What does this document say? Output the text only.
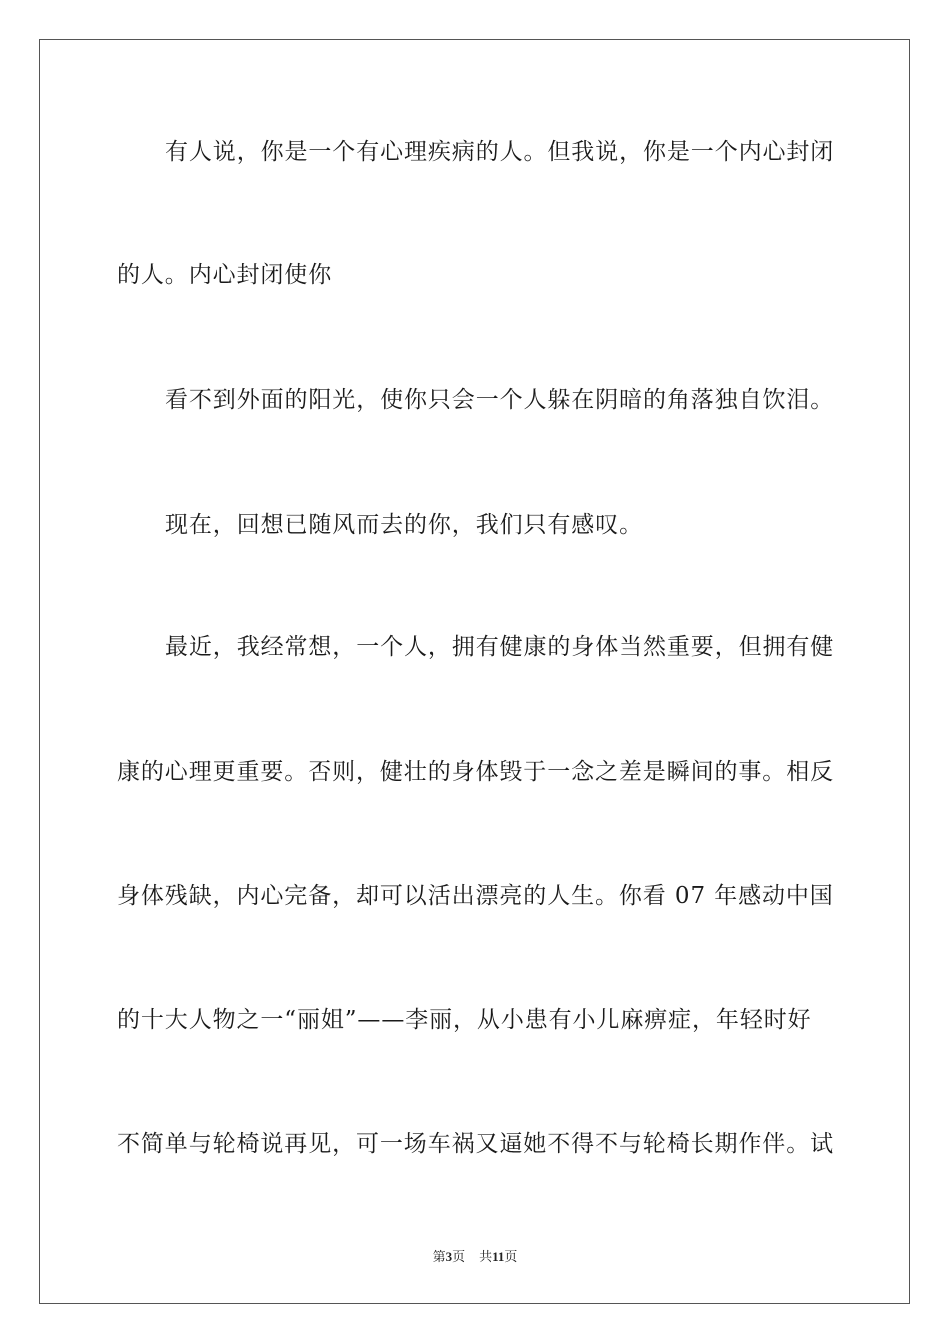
有人说，你是一个有心理疾病的人。但我说，你是一个内心封闭
的人。内心封闭使你
看不到外面的阳光，使你只会一个人躲在阴暗的角落独自饮泪。
现在，回想已随风而去的你，我们只有感叹。
最近，我经常想，一个人，拥有健康的身体当然重要，但拥有健
康的心理更重要。否则，健壮的身体毁于一念之差是瞬间的事。相反
身体残缺，内心完备，却可以活出漂亮的人生。你看 07 年感动中国
的十大人物之一“丽姐”——李丽，从小患有小儿麻痹症，年轻时好
不简单与轮椅说再见，可一场车祸又逼她不得不与轮椅长期作伴。试
第3页 共11页
